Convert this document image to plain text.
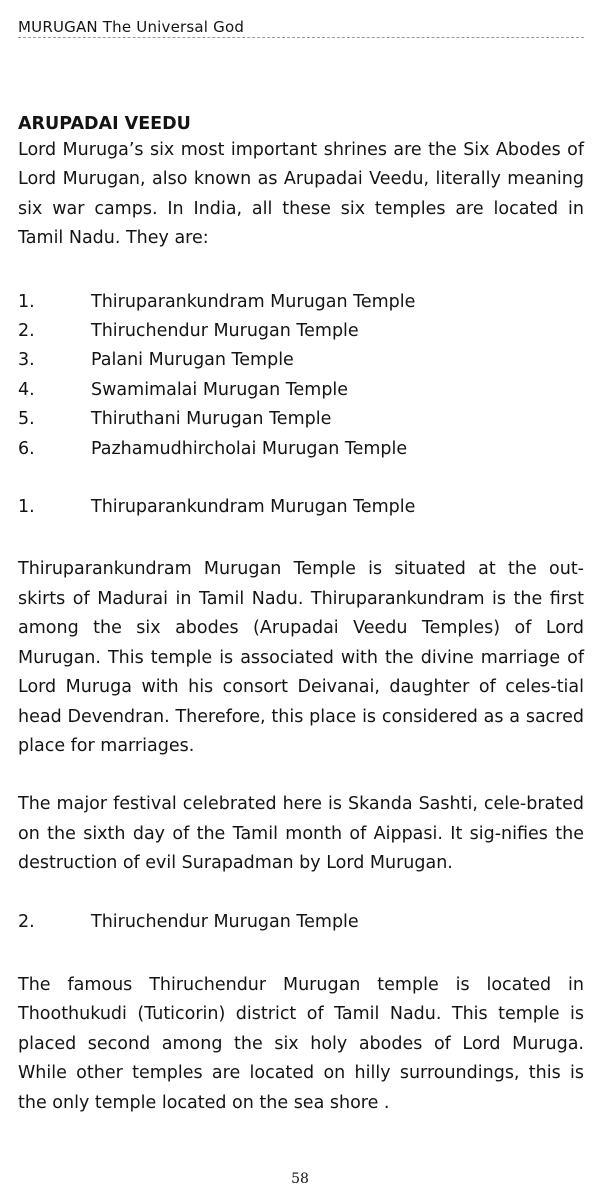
MURUGAN The Universal God
ARUPADAI VEEDU

Lord Muruga’s six most important shrines are the Six Abodes of Lord Murugan, also known as Arupadai Veedu, literally meaning six war camps. In India, all these six temples are located in Tamil Nadu. They are:

1.	Thiruparankundram Murugan Temple
2.	Thiruchendur Murugan Temple
3.	Palani Murugan Temple
4.	Swamimalai Murugan Temple
5.	Thiruthani Murugan Temple
6.	Pazhamudhircholai Murugan Temple
1.	Thiruparankundram Murugan Temple

Thiruparankundram Murugan Temple is situated at the out-skirts of Madurai in Tamil Nadu. Thiruparankundram is the first among the six abodes (Arupadai Veedu Temples) of Lord Murugan. This temple is associated with the divine marriage of Lord Muruga with his consort Deivanai, daughter of celes-tial head Devendran. Therefore, this place is considered as a sacred place for marriages.

The major festival celebrated here is Skanda Sashti, cele-brated on the sixth day of the Tamil month of Aippasi. It sig-nifies the destruction of evil Surapadman by Lord Murugan.

2.	Thiruchendur Murugan Temple

The famous Thiruchendur Murugan temple is located in Thoothukudi (Tuticorin) district of Tamil Nadu. This temple is placed second among the six holy abodes of Lord Muruga. While other temples are located on hilly surroundings, this is the only temple located on the sea shore .

58
